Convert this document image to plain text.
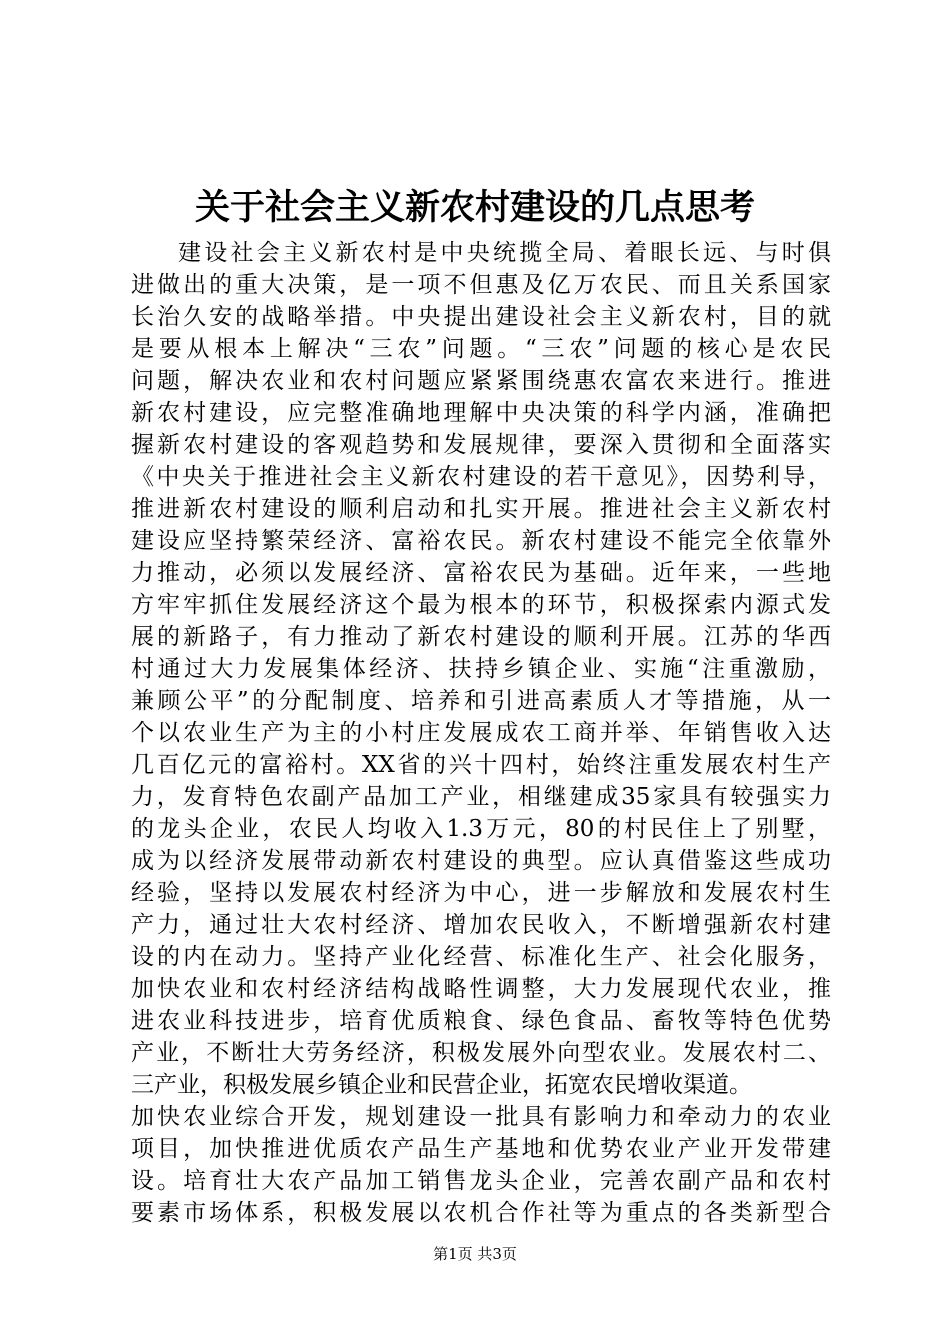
关于社会主义新农村建设的几点思考
建设社会主义新农村是中央统揽全局、着眼长远、与时俱
进做出的重大决策，是一项不但惠及亿万农民、而且关系国家
长治久安的战略举措。中央提出建设社会主义新农村，目的就
是要从根本上解决“三农”问题。“三农”问题的核心是农民
问题，解决农业和农村问题应紧紧围绕惠农富农来进行。推进
新农村建设，应完整准确地理解中央决策的科学内涵，准确把
握新农村建设的客观趋势和发展规律，要深入贯彻和全面落实
《中央关于推进社会主义新农村建设的若干意见》，因势利导，
推进新农村建设的顺利启动和扎实开展。推进社会主义新农村
建设应坚持繁荣经济、富裕农民。新农村建设不能完全依靠外
力推动，必须以发展经济、富裕农民为基础。近年来，一些地
方牢牢抓住发展经济这个最为根本的环节，积极探索内源式发
展的新路子，有力推动了新农村建设的顺利开展。江苏的华西
村通过大力发展集体经济、扶持乡镇企业、实施“注重激励，
兼顾公平”的分配制度、培养和引进高素质人才等措施，从一
个以农业生产为主的小村庄发展成农工商并举、年销售收入达
几百亿元的富裕村。XX省的兴十四村，始终注重发展农村生产
力，发育特色农副产品加工产业，相继建成35家具有较强实力
的龙头企业，农民人均收入1.3万元，80的村民住上了别墅，
成为以经济发展带动新农村建设的典型。应认真借鉴这些成功
经验，坚持以发展农村经济为中心，进一步解放和发展农村生
产力，通过壮大农村经济、增加农民收入，不断增强新农村建
设的内在动力。坚持产业化经营、标准化生产、社会化服务，
加快农业和农村经济结构战略性调整，大力发展现代农业，推
进农业科技进步，培育优质粮食、绿色食品、畜牧等特色优势
产业，不断壮大劳务经济，积极发展外向型农业。发展农村二、
三产业，积极发展乡镇企业和民营企业，拓宽农民增收渠道。
加快农业综合开发，规划建设一批具有影响力和牵动力的农业
项目，加快推进优质农产品生产基地和优势农业产业开发带建
设。培育壮大农产品加工销售龙头企业，完善农副产品和农村
要素市场体系，积极发展以农机合作社等为重点的各类新型合
第1页 共3页
